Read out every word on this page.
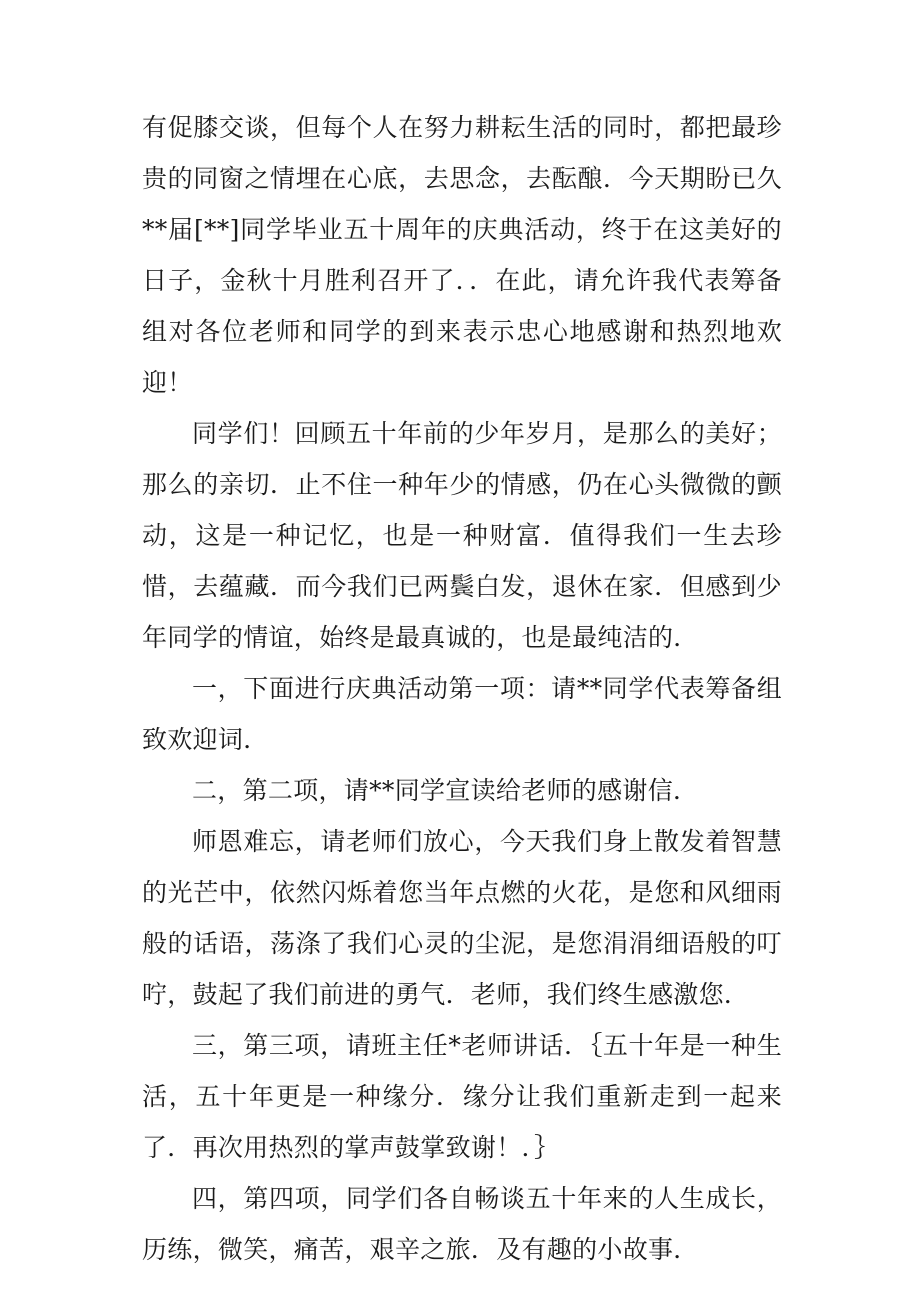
有促膝交谈，但每个人在努力耕耘生活的同时，都把最珍贵的同窗之情埋在心底，去思念，去酝酿．今天期盼已久**届[**]同学毕业五十周年的庆典活动，终于在这美好的日子，金秋十月胜利召开了．．在此，请允许我代表筹备组对各位老师和同学的到来表示忠心地感谢和热烈地欢迎！

同学们！回顾五十年前的少年岁月，是那么的美好；那么的亲切．止不住一种年少的情感，仍在心头微微的颤动，这是一种记忆，也是一种财富．值得我们一生去珍惜，去蕴藏．而今我们已两鬓白发，退休在家．但感到少年同学的情谊，始终是最真诚的，也是最纯洁的．

一，下面进行庆典活动第一项：请**同学代表筹备组致欢迎词．

二，第二项，请**同学宣读给老师的感谢信．

师恩难忘，请老师们放心，今天我们身上散发着智慧的光芒中，依然闪烁着您当年点燃的火花，是您和风细雨般的话语，荡涤了我们心灵的尘泥，是您涓涓细语般的叮咛，鼓起了我们前进的勇气．老师，我们终生感激您．

三，第三项，请班主任*老师讲话．｛五十年是一种生活，五十年更是一种缘分．缘分让我们重新走到一起来了．再次用热烈的掌声鼓掌致谢！．｝

四，第四项，同学们各自畅谈五十年来的人生成长，历练，微笑，痛苦，艰辛之旅．及有趣的小故事．
